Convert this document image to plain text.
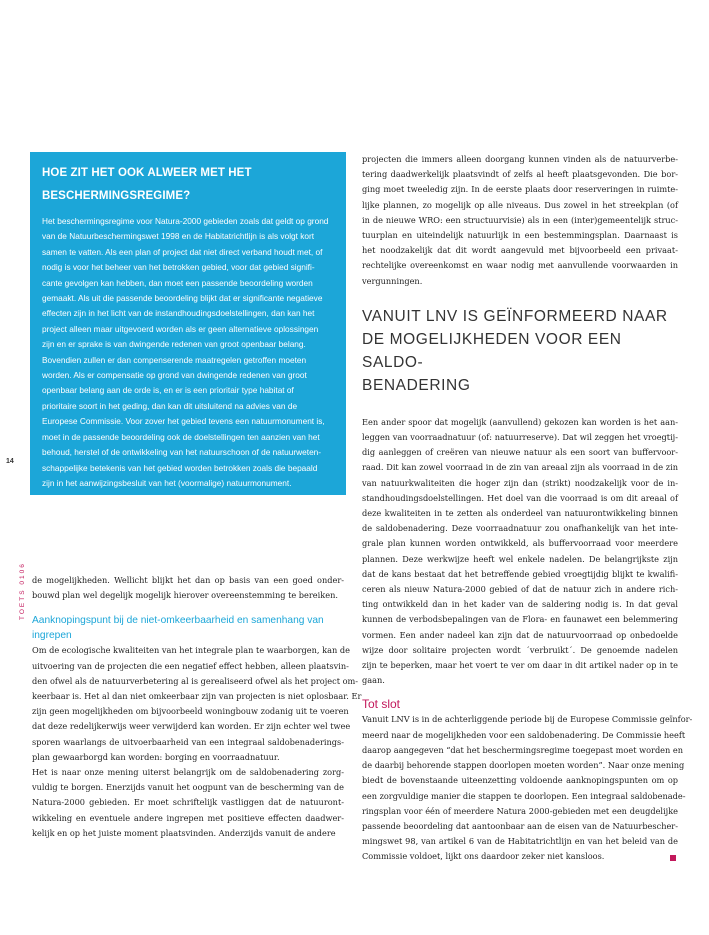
HOE ZIT HET OOK ALWEER MET HET
BESCHERMINGSREGIME?
Het beschermingsregime voor Natura-2000 gebieden zoals dat geldt op grond
van de Natuurbeschermingswet 1998 en de Habitatrichtlijn is als volgt kort
samen te vatten. Als een plan of project dat niet direct verband houdt met, of
nodig is voor het beheer van het betrokken gebied, voor dat gebied signifi-
cante gevolgen kan hebben, dan moet een passende beoordeling worden
gemaakt. Als uit die passende beoordeling blijkt dat er significante negatieve
effecten zijn in het licht van de instandhoudingsdoelstellingen, dan kan het
project alleen maar uitgevoerd worden als er geen alternatieve oplossingen
zijn en er sprake is van dwingende redenen van groot openbaar belang.
Bovendien zullen er dan compenserende maatregelen getroffen moeten
worden. Als er compensatie op grond van dwingende redenen van groot
openbaar belang aan de orde is, en er is een prioritair type habitat of
prioritaire soort in het geding, dan kan dit uitsluitend na advies van de
Europese Commissie. Voor zover het gebied tevens een natuurmonument is,
moet in de passende beoordeling ook de doelstellingen ten aanzien van het
behoud, herstel of de ontwikkeling van het natuurschoon of de natuurweten-
schappelijke betekenis van het gebied worden betrokken zoals die bepaald
zijn in het aanwijzingsbesluit van het (voormalige) natuurmonument.
14
TOETS 0106 de mogelijkheden. Wellicht blijkt het dan op basis van een goed onder-
bouwd plan wel degelijk mogelijk hierover overeenstemming te bereiken.
Aanknopingspunt bij de niet-omkeerbaarheid en samenhang van
ingrepen
Om de ecologische kwaliteiten van het integrale plan te waarborgen, kan de
uitvoering van de projecten die een negatief effect hebben, alleen plaatsvin-
den ofwel als de natuurverbetering al is gerealiseerd ofwel als het project om-
keerbaar is. Het al dan niet omkeerbaar zijn van projecten is niet oplosbaar. Er
zijn geen mogelijkheden om bijvoorbeeld woningbouw zodanig uit te voeren
dat deze redelijkerwijs weer verwijderd kan worden. Er zijn echter wel twee
sporen waarlangs de uitvoerbaarheid van een integraal saldobenaderings-
plan gewaarborgd kan worden: borging en voorraadnatuur.
Het is naar onze mening uiterst belangrijk om de saldobenadering zorg-
vuldig te borgen. Enerzijds vanuit het oogpunt van de bescherming van de
Natura-2000 gebieden. Er moet schriftelijk vastliggen dat de natuuront-
wikkeling en eventuele andere ingrepen met positieve effecten daadwer-
kelijk en op het juiste moment plaatsvinden. Anderzijds vanuit de andere
projecten die immers alleen doorgang kunnen vinden als de natuurverbe-
tering daadwerkelijk plaatsvindt of zelfs al heeft plaatsgevonden. Die bor-
ging moet tweeledig zijn. In de eerste plaats door reserveringen in ruimte-
lijke plannen, zo mogelijk op alle niveaus. Dus zowel in het streekplan (of
in de nieuwe WRO: een structuurvisie) als in een (inter)gemeentelijk struc-
tuurplan en uiteindelijk natuurlijk in een bestemmingsplan. Daarnaast is
het noodzakelijk dat dit wordt aangevuld met bijvoorbeeld een privaat-
rechtelijke overeenkomst en waar nodig met aanvullende voorwaarden in
vergunningen.
VANUIT LNV IS GEÏNFORMEERD NAAR
DE MOGELIJKHEDEN VOOR EEN SALDO-
BENADERING
Een ander spoor dat mogelijk (aanvullend) gekozen kan worden is het aan-
leggen van voorraadnatuur (of: natuurreserve). Dat wil zeggen het vroegtij-
dig aanleggen of creëren van nieuwe natuur als een soort van buffervoor-
raad. Dit kan zowel voorraad in de zin van areaal zijn als voorraad in de zin
van natuurkwaliteiten die hoger zijn dan (strikt) noodzakelijk voor de in-
standhoudingsdoelstellingen. Het doel van die voorraad is om dit areaal of
deze kwaliteiten in te zetten als onderdeel van natuurontwikkeling binnen
de saldobenadering. Deze voorraadnatuur zou onafhankelijk van het inte-
grale plan kunnen worden ontwikkeld, als buffervoorraad voor meerdere
plannen. Deze werkwijze heeft wel enkele nadelen. De belangrijkste zijn
dat de kans bestaat dat het betreffende gebied vroegtijdig blijkt te kwalifi-
ceren als nieuw Natura-2000 gebied of dat de natuur zich in andere rich-
ting ontwikkeld dan in het kader van de saldering nodig is. In dat geval
kunnen de verbodsbepalingen van de Flora- en faunawet een belemmering
vormen. Een ander nadeel kan zijn dat de natuurvoorraad op onbedoelde
wijze door solitaire projecten wordt ´verbruikt´. De genoemde nadelen
zijn te beperken, maar het voert te ver om daar in dit artikel nader op in te
gaan.
Tot slot
Vanuit LNV is in de achterliggende periode bij de Europese Commissie geïnfor-
meerd naar de mogelijkheden voor een saldobenadering. De Commissie heeft
daarop aangegeven “dat het beschermingsregime toegepast moet worden en
de daarbij behorende stappen doorlopen moeten worden”. Naar onze mening
biedt de bovenstaande uiteenzetting voldoende aanknopingspunten om op
een zorgvuldige manier die stappen te doorlopen. Een integraal saldobenade-
ringsplan voor één of meerdere Natura 2000-gebieden met een deugdelijke
passende beoordeling dat aantoonbaar aan de eisen van de Natuurbescher-
mingswet 98, van artikel 6 van de Habitatrichtlijn en van het beleid van de
Commissie voldoet, lijkt ons daardoor zeker niet kansloos.
